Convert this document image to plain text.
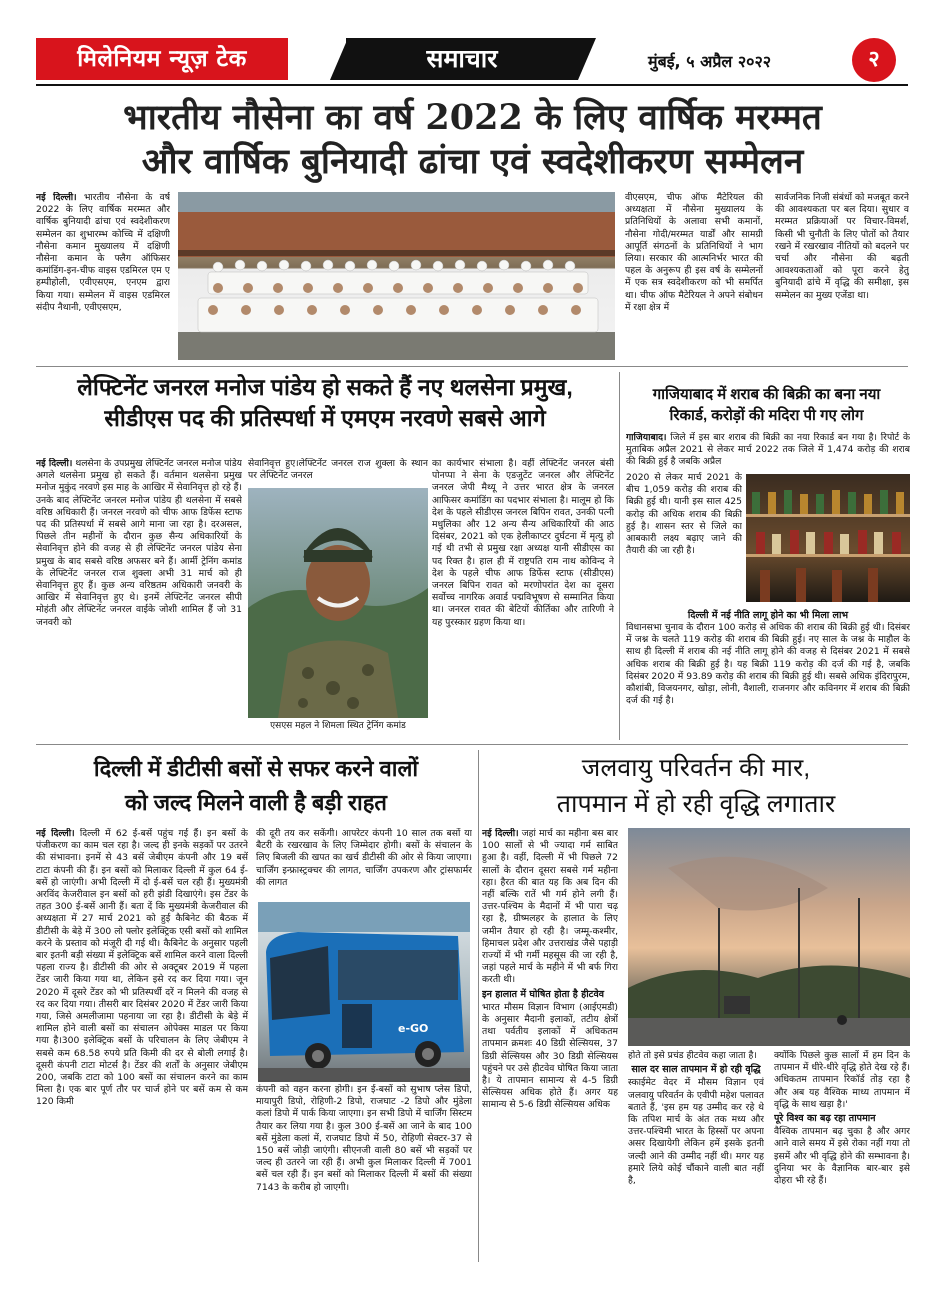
मिलेनियम न्यूज़ टेक	समाचार	मुंबई, ५ अप्रैल २०२२	२
भारतीय नौसेना का वर्ष 2022 के लिए वार्षिक मरम्मत
और वार्षिक बुनियादी ढांचा एवं स्वदेशीकरण सम्मेलन

नई दिल्ली। भारतीय नौसेना के वर्ष 2022 के लिए वार्षिक मरम्मत और वार्षिक बुनियादी ढांचा एवं स्वदेशीकरण सम्मेलन का शुभारम्भ कोच्चि में दक्षिणी नौसेना कमान मुख्यालय में दक्षिणी नौसेना कमान के फ्लैग ऑफिसर कमांडिंग-इन-चीफ वाइस एडमिरल एम ए हम्पीहोली, एवीएसएम, एनएम द्वारा किया गया। सम्मेलन में वाइस एडमिरल संदीप नैथानी, एवीएसएम,

वीएसएम, चीफ ऑफ मैटेरियल की अध्यक्षता में नौसेना मुख्यालय के प्रतिनिधियों के अलावा सभी कमानों, नौसेना गोदी/मरम्मत यार्डों और सामग्री आपूर्ति संगठनों के प्रतिनिधियों ने भाग लिया। सरकार की आत्मनिर्भर भारत की पहल के अनुरूप ही इस वर्ष के सम्मेलनों में एक सत्र स्वदेशीकरण को भी समर्पित था। चीफ ऑफ मैटेरियल ने अपने संबोधन में रक्षा क्षेत्र में

सार्वजनिक निजी संबंधों को मजबूत करने की आवश्यकता पर बल दिया। सुधार व मरम्मत प्रक्रियाओं पर विचार-विमर्श, किसी भी चुनौती के लिए पोतों को तैयार रखने में रखरखाव नीतियों को बदलने पर चर्चा और नौसेना की बढ़ती आवश्यकताओं को पूरा करने हेतु बुनियादी ढांचे में वृद्धि की समीक्षा, इस सम्मेलन का मुख्य एजेंडा था।

लेफ्टिनेंट जनरल मनोज पांडेय हो सकते हैं नए थलसेना प्रमुख,
सीडीएस पद की प्रतिस्पर्धा में एमएम नरवणे सबसे आगे

नई दिल्ली। थलसेना के उपप्रमुख लेफ्टिनेंट जनरल मनोज पांडेय अगले थलसेना प्रमुख हो सकते हैं। वर्तमान थलसेना प्रमुख मनोज मुकुंद नरवणे इस माह के आखिर में सेवानिवृत्त हो रहे हैं। उनके बाद लेफ्टिनेंट जनरल मनोज पांडेय ही थलसेना में सबसे वरिष्ठ अधिकारी हैं। जनरल नरवणे को चीफ आफ डिफेंस स्टाफ पद की प्रतिस्पर्धा में सबसे आगे माना जा रहा है। दरअसल, पिछले तीन महीनों के दौरान कुछ सैन्य अधिकारियों के सेवानिवृत्त होने की वजह से ही लेफ्टिनेंट जनरल पांडेय सेना प्रमुख के बाद सबसे वरिष्ठ अफसर बने हैं। आर्मी ट्रेनिंग कमांड के लेफ्टिनेंट जनरल राज शुक्ला अभी 31 मार्च को ही सेवानिवृत्त हुए हैं। कुछ अन्य वरिष्ठतम अधिकारी जनवरी के आखिर में सेवानिवृत्त हुए थे। इनमें लेफ्टिनेंट जनरल सीपी मोहंती और लेफ्टिनेंट जनरल वाईके जोशी शामिल हैं जो 31 जनवरी को

सेवानिवृत्त हुए।लेफ्टिनेंट जनरल राज शुक्ला के स्थान पर लेफ्टिनेंट जनरल

एसएस महल ने शिमला स्थित ट्रेनिंग कमांड

का कार्यभार संभाला है। वहीं लेफ्टिनेंट जनरल बंसी पोनप्पा ने सेना के एडजुटेंट जनरल और लेफ्टिनेंट जनरल जेपी मैथ्यू ने उत्तर भारत क्षेत्र के जनरल आफिसर कमांडिंग का पदभार संभाला है। मालूम हो कि देश के पहले सीडीएस जनरल बिपिन रावत, उनकी पत्नी मधुलिका और 12 अन्य सैन्य अधिकारियों की आठ दिसंबर, 2021 को एक हेलीकाप्टर दुर्घटना में मृत्यु हो गई थी तभी से प्रमुख रक्षा अध्यक्ष यानी सीडीएस का पद रिक्त है। हाल ही में राष्ट्रपति राम नाथ कोविन्द ने देश के पहले चीफ आफ डिफेंस स्टाफ (सीडीएस) जनरल बिपिन रावत को मरणोपरांत देश का दूसरा सर्वोच्च नागरिक अवार्ड पद्मविभूषण से सम्मानित किया था। जनरल रावत की बेटियों कीर्तिका और तारिणी ने यह पुरस्कार ग्रहण किया था।

गाजियाबाद में शराब की बिक्री का बना नया
रिकार्ड, करोड़ों की मदिरा पी गए लोग

गाजियाबाद। जिले में इस बार शराब की बिक्री का नया रिकार्ड बन गया है। रिपोर्ट के मुताबिक अप्रैल 2021 से लेकर मार्च 2022 तक जिले में 1,474 करोड़ की शराब की बिक्री हुई है जबकि अप्रैल

2020 से लेकर मार्च 2021 के बीच 1,059 करोड़ की शराब की बिक्री हुई थी। यानी इस साल 425 करोड़ की अधिक शराब की बिक्री हुई है। शासन स्तर से जिले का आबकारी लक्ष्य बढ़ाए जाने की तैयारी की जा रही है।

दिल्ली में नई नीति लागू होने का भी मिला लाभ

विधानसभा चुनाव के दौरान 100 करोड़ से अधिक की शराब की बिक्री हुई थी। दिसंबर में जश्न के चलते 119 करोड़ की शराब की बिक्री हुई। नए साल के जश्न के माहौल के साथ ही दिल्ली में शराब की नई नीति लागू होने की वजह से दिसंबर 2021 में सबसे अधिक शराब की बिक्री हुई है। यह बिक्री 119 करोड़ की दर्ज की गई है, जबकि दिसंबर 2020 में 93.89 करोड़ की शराब की बिक्री हुई थी। सबसे अधिक इंदिरापुरम, कौशांबी, विजयनगर, खोड़ा, लोनी, वैशाली, राजनगर और कविनगर में शराब की बिक्री दर्ज की गई है।

दिल्ली में डीटीसी बसों से सफर करने वालों
को जल्द मिलने वाली है बड़ी राहत

नई दिल्ली। दिल्ली में 62 ई-बसें पहुंच गई हैं। इन बसों के पंजीकरण का काम चल रहा है। जल्द ही इनके सड़कों पर उतरने की संभावना। इनमें से 43 बसें जेबीएम कंपनी और 19 बसें टाटा कंपनी की हैं। इन बसों को मिलाकर दिल्ली में कुल 64 ई-बसें हो जाएंगी। अभी दिल्ली में दो ई-बसें चल रही हैं। मुख्यमंत्री अरविंद केजरीवाल इन बसों को हरी झंडी दिखाएंगे। इस टेंडर के तहत 300 ई-बसें आनी हैं। बता दें कि मुख्यमंत्री केजरीवाल की अध्यक्षता में 27 मार्च 2021 को हुई कैबिनेट की बैठक में डीटीसी के बेड़े में 300 लो फ्लोर इलेक्ट्रिक एसी बसों को शामिल करने के प्रस्ताव को मंजूरी दी गई थी। कैबिनेट के अनुसार पहली बार इतनी बड़ी संख्या में इलेक्ट्रिक बसें शामिल करने वाला दिल्ली पहला राज्य है। डीटीसी की ओर से अक्टूबर 2019 में पहला टेंडर जारी किया गया था, लेकिन इसे रद कर दिया गया। जून 2020 में दूसरे टेंडर को भी प्रतिस्पर्धी दरें न मिलने की वजह से रद कर दिया गया। तीसरी बार दिसंबर 2020 में टेंडर जारी किया गया, जिसे अमलीजामा पहनाया जा रहा है। डीटीसी के बेड़े में शामिल होने वाली बसों का संचालन ओपेक्स माडल पर किया गया है।300 इलेक्ट्रिक बसों के परिचालन के लिए जेबीएम ने सबसे कम 68.58 रुपये प्रति किमी की दर से बोली लगाई है। दूसरी कंपनी टाटा मोटर्स है। टेंडर की शर्तों के अनुसार जेबीएम 200, जबकि टाटा को 100 बसों का संचालन करने का काम मिला है। एक बार पूर्ण तौर पर चार्ज होने पर बसें कम से कम 120 किमी

की दूरी तय कर सकेंगी। आपरेटर कंपनी 10 साल तक बसों या बैटरी के रखरखाव के लिए जिम्मेदार होगी। बसों के संचालन के लिए बिजली की खपत का खर्च डीटीसी की ओर से किया जाएगा। चार्जिंग इन्फ्रास्ट्रक्चर की लागत, चार्जिंग उपकरण और ट्रांसफार्मर की लागत

e-GO

कंपनी को वहन करना होगी। इन ई-बसों को सुभाष प्लेस डिपो, मायापुरी डिपो, रोहिणी-2 डिपो, राजघाट -2 डिपो और मुंडेला कलां डिपो में पार्क किया जाएगा। इन सभी डिपो में चार्जिंग सिस्टम तैयार कर लिया गया है। कुल 300 ई-बसें आ जाने के बाद 100 बसें मुंडेला कलां में, राजघाट डिपो में 50, रोहिणी सेक्टर-37 से 150 बसें जोड़ी जाएंगी। सीएनजी वाली 80 बसें भी सड़कों पर जल्द ही उतरने जा रही हैं। अभी कुल मिलाकर दिल्ली में 7001 बसें चल रही हैं। इन बसों को मिलाकर दिल्ली में बसों की संख्या 7143 के करीब हो जाएगी।

जलवायु परिवर्तन की मार,
तापमान में हो रही वृद्धि लगातार

नई दिल्ली। जहां मार्च का महीना बस बार 100 सालों से भी ज्यादा गर्म साबित हुआ है। वहीं, दिल्ली में भी पिछले 72 सालों के दौरान दूसरा सबसे गर्म महीना रहा। हैरत की बात यह कि अब दिन की नहीं बल्कि रातें भी गर्म होने लगी हैं। उत्तर-पश्चिम के मैदानों में भी पारा चढ़ रहा है, ग्रीष्मलहर के हालात के लिए जमीन तैयार हो रही है। जम्मू-कश्मीर, हिमाचल प्रदेश और उत्तराखंड जैसे पहाड़ी राज्यों में भी गर्मी महसूस की जा रही है, जहां पहले मार्च के महीने में भी बर्फ गिरा करती थी।

इन हालात में घोषित होता है हीटवेव

भारत मौसम विज्ञान विभाग (आईएमडी) के अनुसार मैदानी इलाकों, तटीय क्षेत्रों तथा पर्वतीय इलाकों में अधिकतम तापमान क्रमशः 40 डिग्री सेल्सियस, 37 डिग्री सेल्सियस और 30 डिग्री सेल्सियस पहुंचने पर उसे हीटवेव घोषित किया जाता है। ये तापमान सामान्य से 4-5 डिग्री सेल्सियस अधिक होते हैं। अगर यह सामान्य से 5-6 डिग्री सेल्सियस अधिक

होते तो इसे प्रचंड हीटवेव कहा जाता है।

साल दर साल तापमान में हो रही वृद्धि

स्काईमेट वेदर में मौसम विज्ञान एवं जलवायु परिवर्तन के एवीपी महेश पलावत बताते हैं, 'इस हम यह उम्मीद कर रहे थे कि तपिश मार्च के अंत तक मध्य और उत्तर-पश्चिमी भारत के हिस्सों पर अपना असर दिखायेगी लेकिन हमें इसके इतनी जल्दी आने की उम्मीद नहीं थी। मगर यह हमारे लिये कोई चौंकाने वाली बात नहीं है,

क्योंकि पिछले कुछ सालों में हम दिन के तापमान में धीरे-धीरे वृद्धि होते देख रहे हैं। अधिकतम तापमान रिकॉर्ड तोड़ रहा है और अब यह वैश्विक माध्य तापमान में वृद्धि के साथ खड़ा है।'

पूरे विश्व का बढ़ रहा तापमान

वैश्विक तापमान बढ़ चुका है और अगर आने वाले समय में इसे रोका नहीं गया तो इसमें और भी वृद्धि होने की सम्भावना है। दुनिया भर के वैज्ञानिक बार-बार इसे दोहरा भी रहे हैं।
